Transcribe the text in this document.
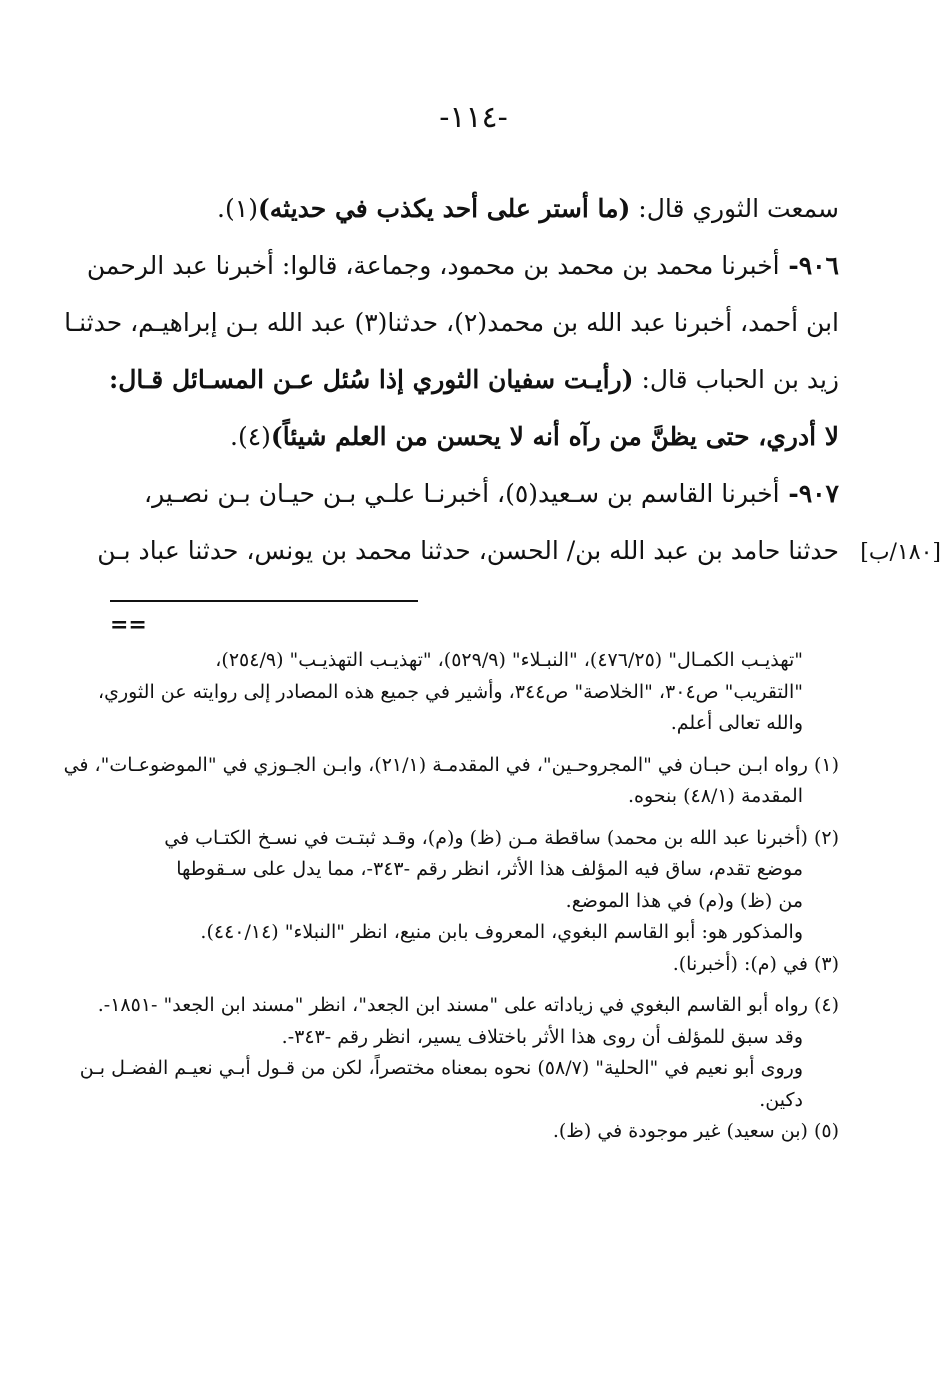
-١١٤-
سمعت الثوري قال: (ما أستر على أحد يكذب في حديثه)(١).
٩٠٦- أخبرنا محمد بن محمد بن محمود، وجماعة، قالوا: أخبرنا عبد الرحمن
ابن أحمد، أخبرنا عبد الله بن محمد(٢)، حدثنا(٣) عبد الله بـن إبراهيـم، حدثنـا
زيد بن الحباب قال: (رأيـت سفيان الثوري إذا سُئل عـن المسـائل قـال:
لا أدري، حتى يظنَّ من رآه أنه لا يحسن من العلم شيئاً)(٤).
٩٠٧- أخبرنا القاسم بن سـعيد(٥)، أخبرنـا علـي بـن حيـان بـن نصـير،
حدثنا حامد بن عبد الله بن/ الحسن، حدثنا محمد بن يونس، حدثنا عباد بـن [١٨٠/ب]
==
"تهذيـب الكمـال" (٤٧٦/٢٥)، "النبـلاء" (٥٢٩/٩)، "تهذيـب التهذيـب" (٢٥٤/٩)،
"التقريب" ص٣٠٤، "الخلاصة" ص٣٤٤، وأشير في جميع هذه المصادر إلى روايته عن الثوري،
والله تعالى أعلم.
(١) رواه ابـن حبـان في "المجروحـين"، في المقدمـة (٢١/١)، وابـن الجـوزي في "الموضوعـات"، في
المقدمة (٤٨/١) بنحوه.
(٢) (أخبرنا عبد الله بن محمد) ساقطة مـن (ظ) و(م)، وقـد ثبتـت في نسـخ الكتـاب في
موضع تقدم، ساق فيه المؤلف هذا الأثر، انظر رقم -٣٤٣-، مما يدل على سـقوطها
من (ظ) و(م) في هذا الموضع.
والمذكور هو: أبو القاسم البغوي، المعروف بابن منيع، انظر "النبلاء" (٤٤٠/١٤).
(٣) في (م): (أخبرنا).
(٤) رواه أبو القاسم البغوي في زياداته على "مسند ابن الجعد"، انظر "مسند ابن الجعد" -١٨٥١-.
وقد سبق للمؤلف أن روى هذا الأثر باختلاف يسير، انظر رقم -٣٤٣-.
وروى أبو نعيم في "الحلية" (٥٨/٧) نحوه بمعناه مختصراً، لكن من قـول أبـي نعيـم الفضـل بـن
دكين.
(٥) (بن سعيد) غير موجودة في (ظ).
